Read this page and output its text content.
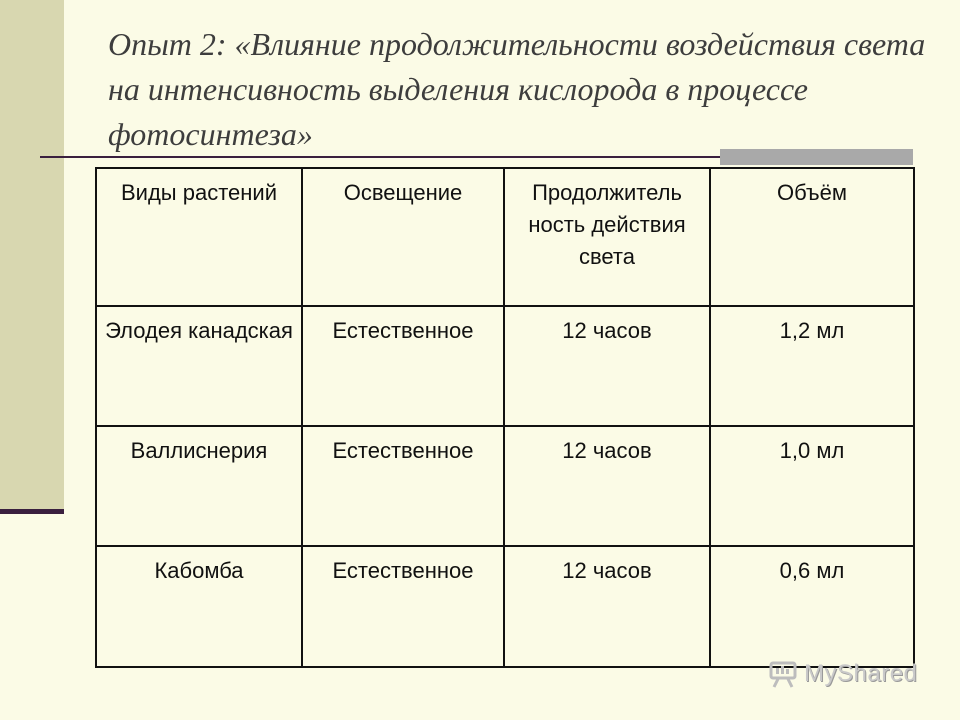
Опыт 2: «Влияние продолжительности воздействия света на интенсивность выделения кислорода в процессе фотосинтеза»
Виды растений	Освещение	Продолжитель ность действия света	Объём
Элодея канадская	Естественное	12 часов	1,2 мл
Валлиснерия	Естественное	12 часов	1,0 мл
Кабомба	Естественное	12 часов	0,6 мл
MyShared
